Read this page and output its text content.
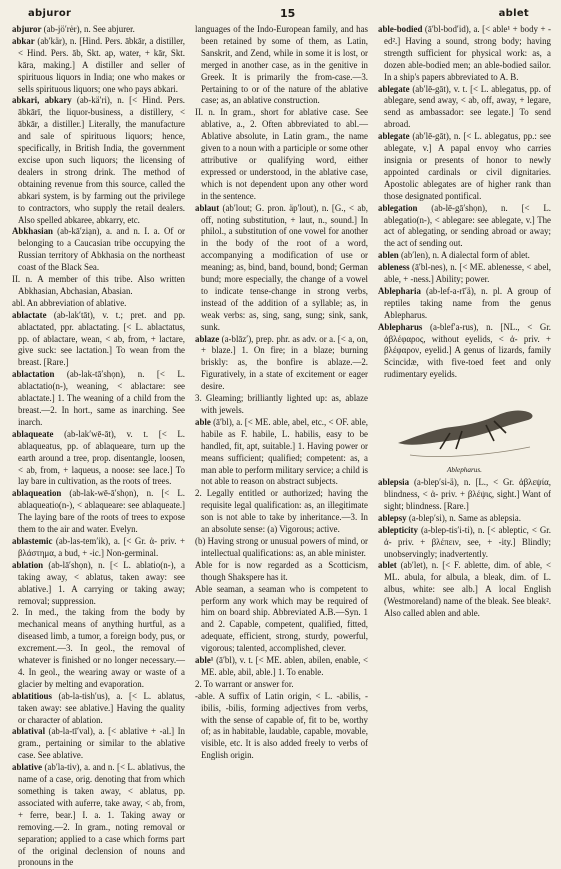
abjuror	15	ablet

abjuror (ab-jö′rėr), n. See abjurer.

abkar (ab′kär), n. [Hind. Pers. ābkār, a distiller, < Hind. Pers. āb, Skt. ap, water, + kār, Skt. kāra, making.] A distiller and seller of spirituous liquors in India; one who makes or sells spirituous liquors; one who pays abkari.

abkari, abkary (ab-kä′ri), n. [< Hind. Pers. ābkārī, the liquor-business, a distillery, < ābkār, a distiller.] Literally, the manufacture and sale of spirituous liquors; hence, specifically, in British India, the government excise upon such liquors; the licensing of dealers in strong drink. The method of obtaining revenue from this source, called the abkari system, is by farming out the privilege to contractors, who supply the retail dealers. Also spelled abkaree, abkarry, etc.

Abkhasian (ab-kā′ziạn), a. and n. I. a. Of or belonging to a Caucasian tribe occupying the Russian territory of Abkhasia on the northeast coast of the Black Sea.

II. n. A member of this tribe. Also written Abkhasian, Abchasian, Abasian.

abl. An abbreviation of ablative.

ablactate (ab-lak′tāt), v. t.; pret. and pp. ablactated, ppr. ablactating. [< L. ablactatus, pp. of ablactare, wean, < ab, from, + lactare, give suck: see lactation.] To wean from the breast. [Rare.]

ablactation (ab-lak-tā′shọn), n. [< L. ablactatio(n-), weaning, < ablactare: see ablactate.] 1. The weaning of a child from the breast.—2. In hort., same as inarching. See inarch.

ablaqueate (ab-lak′wē-āt), v. t. [< L. ablaqueatus, pp. of ablaqueare, turn up the earth around a tree, prop. disentangle, loosen, < ab, from, + laqueus, a noose: see lace.] To lay bare in cultivation, as the roots of trees.

ablaqueation (ab-lak-wē-ā′shọn), n. [< L. ablaqueatio(n-), < ablaqueare: see ablaqueate.] The laying bare of the roots of trees to expose them to the air and water. Evelyn.

ablastemic (ab-las-tem′ik), a. [< Gr. ἀ- priv. + βλάστημα, a bud, + -ic.] Non-germinal.

ablation (ab-lā′shọn), n. [< L. ablatio(n-), a taking away, < ablatus, taken away: see ablative.] 1. A carrying or taking away; removal; suppression.

2. In med., the taking from the body by mechanical means of anything hurtful, as a diseased limb, a tumor, a foreign body, pus, or excrement.—3. In geol., the removal of whatever is finished or no longer necessary.—4. In geol., the wearing away or waste of a glacier by melting and evaporation.

ablatitious (ab-la-tish′us), a. [< L. ablatus, taken away: see ablative.] Having the quality or character of ablation.

ablatival (ab-la-tī′val), a. [< ablative + -al.] In gram., pertaining or similar to the ablative case. See ablative.

ablative (ab′la-tiv), a. and n. [< L. ablativus, the name of a case, orig. denoting that from which something is taken away, < ablatus, pp. associated with auferre, take away, < ab, from, + ferre, bear.] I. a. 1. Taking away or removing.—2. In gram., noting removal or separation; applied to a case which forms part of the original declension of nouns and pronouns in the

languages of the Indo-European family, and has been retained by some of them, as Latin, Sanskrit, and Zend, while in some it is lost, or merged in another case, as in the genitive in Greek. It is primarily the from-case.—3. Pertaining to or of the nature of the ablative case; as, an ablative construction.

II. n. In gram., short for ablative case. See ablative, a., 2. Often abbreviated to abl.—Ablative absolute, in Latin gram., the name given to a noun with a participle or some other attributive or qualifying word, either expressed or understood, in the ablative case, which is not dependent upon any other word in the sentence.

ablaut (ab′lout; G. pron. äp′lout), n. [G., < ab, off, noting substitution, + laut, n., sound.] In philol., a substitution of one vowel for another in the body of the root of a word, accompanying a modification of use or meaning; as, bind, band, bound, bond; German bund; more especially, the change of a vowel to indicate tense-change in strong verbs, instead of the addition of a syllable; as, in weak verbs: as, sing, sang, sung; sink, sank, sunk.

ablaze (a-blāz′), prep. phr. as adv. or a. [< a, on, + blaze.] 1. On fire; in a blaze; burning briskly: as, the bonfire is ablaze.—2. Figuratively, in a state of excitement or eager desire.

3. Gleaming; brilliantly lighted up: as, ablaze with jewels.

able (ā′bl), a. [< ME. able, abel, etc., < OF. able, habile as F. habile, L. habilis, easy to be handled, fit, apt, suitable.] 1. Having power or means sufficient; qualified; competent: as, a man able to perform military service; a child is not able to reason on abstract subjects.

2. Legally entitled or authorized; having the requisite legal qualification: as, an illegitimate son is not able to take by inheritance.—3. In an absolute sense: (a) Vigorous; active.

(b) Having strong or unusual powers of mind, or intellectual qualifications: as, an able minister.

Able for is now regarded as a Scotticism, though Shakspere has it.

Able seaman, a seaman who is competent to perform any work which may be required of him on board ship. Abbreviated A.B.—Syn. 1 and 2. Capable, competent, qualified, fitted, adequate, efficient, strong, sturdy, powerful, vigorous; talented, accomplished, clever.

able¹ (ā′bl), v. t. [< ME. ablen, abilen, enable, < ME. able, abil, able.] 1. To enable.

2. To warrant or answer for.

-able. A suffix of Latin origin, < L. -abilis, -ibilis, -bilis, forming adjectives from verbs, with the sense of capable of, fit to be, worthy of; as in habitable, laudable, capable, movable, visible, etc. It is also added freely to verbs of English origin.

able-bodied (ā′bl-bod′id), a. [< able¹ + body + -ed².] Having a sound, strong body; having strength sufficient for physical work: as, a dozen able-bodied men; an able-bodied sailor. In a ship's papers abbreviated to A. B.

ablegate (ab′lē-gāt), v. t. [< L. ablegatus, pp. of ablegare, send away, < ab, off, away, + legare, send as ambassador: see legate.] To send abroad.

ablegate (ab′lē-gāt), n. [< L. ablegatus, pp.: see ablegate, v.] A papal envoy who carries insignia or presents of honor to newly appointed cardinals or civil dignitaries. Apostolic ablegates are of higher rank than those designated pontifical.

ablegation (ab-lē-gā′shọn), n. [< L. ablegatio(n-), < ablegare: see ablegate, v.] The act of ablegating, or sending abroad or away; the act of sending out.

ablen (ab′len), n. A dialectal form of ablet.

ableness (ā′bl-nes), n. [< ME. ablenesse, < abel, able, + -ness.] Ability; power.

Ablepharia (ab-lef-a-rī′ä), n. pl. A group of reptiles taking name from the genus Ablepharus.

Ablepharus (a-blef′a-rus), n. [NL., < Gr. ἀβλέφαρος, without eyelids, < ἀ- priv. + βλέφαρον, eyelid.] A genus of lizards, family Scincidæ, with five-toed feet and only rudimentary eyelids.

Ablepharus.

ablepsia (a-blep′si-ä), n. [L., < Gr. ἀβλεψία, blindness, < ἀ- priv. + βλέψις, sight.] Want of sight; blindness. [Rare.]

ablepsy (a-blep′si), n. Same as ablepsia.

ablepticity (a-blep-tis′i-ti), n. [< ableptic, < Gr. ἀ- priv. + βλέπειν, see, + -ity.] Blindly; unobservingly; inadvertently.

ablet (ab′let), n. [< F. ablette, dim. of able, < ML. abula, for albula, a bleak, dim. of L. albus, white: see alb.] A local English (Westmoreland) name of the bleak. See bleak². Also called ablen and able.
